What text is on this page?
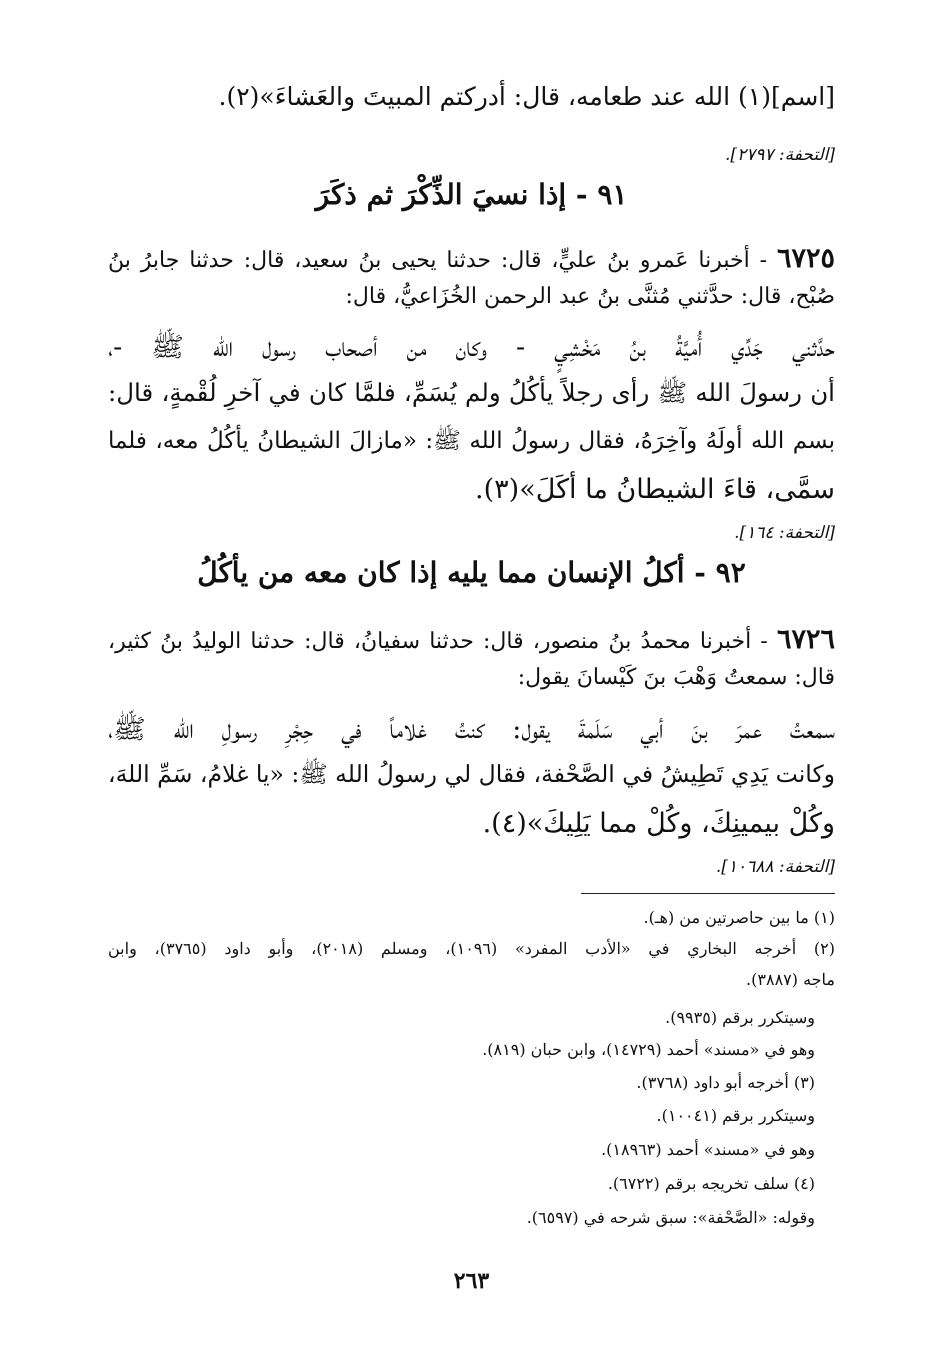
[اسم](١) الله عند طعامه، قال: أدركتم المبيتَ والعَشاءَ»(٢).
[التحفة: ٢٧٩٧].
٩١ - إذا نسيَ الذِّكْرَ ثم ذكَرَ
٦٧٢٥ - أخبرنا عَمرو بنُ عليٍّ، قال: حدثنا يحيى بنُ سعيد، قال: حدثنا جابرُ بنُ
صُبْح، قال: حدَّثني مُثنَّى بنُ عبد الرحمن الخُزَاعيُّ، قال:
حدَّثني جَدِّي أُميَّةُ بنُ مَخْشِيٍ - وكان من أصحاب رسول الله ﷺ -،
أن رسولَ الله ﷺ رأى رجلاً يأكُلُ ولم يُسَمِّ، فلمَّا كان في آخرِ لُقْمةٍ، قال:
بسم الله أولَهُ وآخِرَهُ، فقال رسولُ الله ﷺ: «مازالَ الشيطانُ يأكُلُ معه، فلما
سمَّى، قاءَ الشيطانُ ما أكَلَ»(٣).
[التحفة: ١٦٤].
٩٢ - أكلُ الإنسان مما يليه إذا كان معه من يأكُلُ
٦٧٢٦ - أخبرنا محمدُ بنُ منصور، قال: حدثنا سفيانُ، قال: حدثنا الوليدُ بنُ كثير،
قال: سمعتُ وَهْبَ بنَ كَيْسانَ يقول:
سمعتُ عمرَ بنَ أبي سَلَمةَ يقول: كنتُ غلاماً في حِجْرِ رسولِ الله ﷺ،
وكانت يَدِي تَطِيشُ في الصَّحْفة، فقال لي رسولُ الله ﷺ: «يا غلامُ، سَمِّ اللهَ،
وكُلْ بيمينِكَ، وكُلْ مما يَلِيكَ»(٤).
[التحفة: ١٠٦٨٨].
(١) ما بين حاصرتين من (هـ).
(٢) أخرجه البخاري في «الأدب المفرد» (١٠٩٦)، ومسلم (٢٠١٨)، وأبو داود (٣٧٦٥)، وابن
ماجه (٣٨٨٧).
وسيتكرر برقم (٩٩٣٥).
وهو في «مسند» أحمد (١٤٧٢٩)، وابن حبان (٨١٩).
(٣) أخرجه أبو داود (٣٧٦٨).
وسيتكرر برقم (١٠٠٤١).
وهو في «مسند» أحمد (١٨٩٦٣).
(٤) سلف تخريجه برقم (٦٧٢٢).
وقوله: «الصَّحْفة»: سبق شرحه في (٦٥٩٧).
٢٦٣
